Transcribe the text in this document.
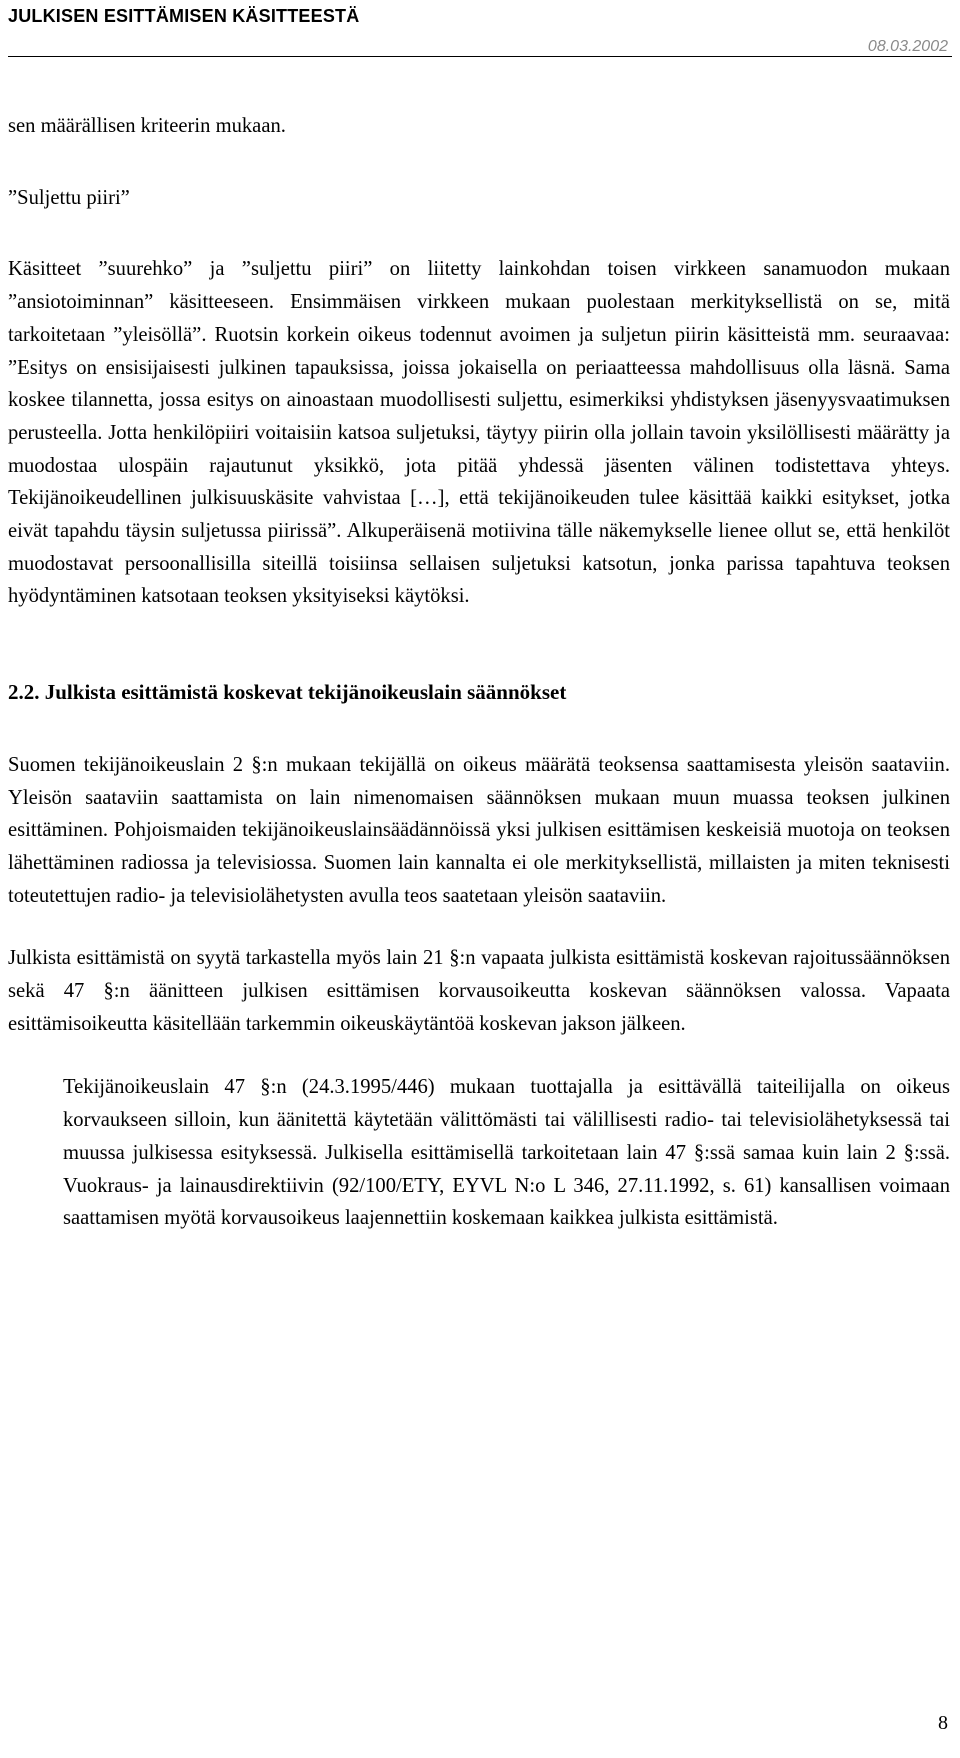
JULKISEN ESITTÄMISEN KÄSITTEESTÄ
08.03.2002

sen määrällisen kriteerin mukaan.

”Suljettu piiri”

Käsitteet ”suurehko” ja ”suljettu piiri” on liitetty lainkohdan toisen virkkeen sanamuodon mukaan ”ansiotoiminnan” käsitteeseen. Ensimmäisen virkkeen mukaan puolestaan merkityksellistä on se, mitä tarkoitetaan ”yleisöllä”. Ruotsin korkein oikeus todennut avoimen ja suljetun piirin käsitteistä mm. seuraavaa: ”Esitys on ensisijaisesti julkinen tapauksissa, joissa jokaisella on periaatteessa mahdollisuus olla läsnä. Sama koskee tilannetta, jossa esitys on ainoastaan muodollisesti suljettu, esimerkiksi yhdistyksen jäsenyysvaatimuksen perusteella. Jotta henkilöpiiri voitaisiin katsoa suljetuksi, täytyy piirin olla jollain tavoin yksilöllisesti määrätty ja muodostaa ulospäin rajautunut yksikkö, jota pitää yhdessä jäsenten välinen todistettava yhteys. Tekijänoikeudellinen julkisuuskäsite vahvistaa […], että tekijänoikeuden tulee käsittää kaikki esitykset, jotka eivät tapahdu täysin suljetussa piirissä”. Alkuperäisenä motiivina tälle näkemykselle lienee ollut se, että henkilöt muodostavat persoonallisilla siteillä toisiinsa sellaisen suljetuksi katsotun, jonka parissa tapahtuva teoksen hyödyntäminen katsotaan teoksen yksityiseksi käytöksi.

2.2. Julkista esittämistä koskevat tekijänoikeuslain säännökset

Suomen tekijänoikeuslain 2 §:n mukaan tekijällä on oikeus määrätä teoksensa saattamisesta yleisön saataviin. Yleisön saataviin saattamista on lain nimenomaisen säännöksen mukaan muun muassa teoksen julkinen esittäminen. Pohjoismaiden tekijänoikeuslainsäädännöissä yksi julkisen esittämisen keskeisiä muotoja on teoksen lähettäminen radiossa ja televisiossa. Suomen lain kannalta ei ole merkityksellistä, millaisten ja miten teknisesti toteutettujen radio- ja televisiolähetysten avulla teos saatetaan yleisön saataviin.

Julkista esittämistä on syytä tarkastella myös lain 21 §:n vapaata julkista esittämistä koskevan rajoitussäännöksen sekä 47 §:n äänitteen julkisen esittämisen korvausoikeutta koskevan säännöksen valossa. Vapaata esittämisoikeutta käsitellään tarkemmin oikeuskäytäntöä koskevan jakson jälkeen.

Tekijänoikeuslain 47 §:n (24.3.1995/446) mukaan tuottajalla ja esittävällä taiteilijalla on oikeus korvaukseen silloin, kun äänitettä käytetään välittömästi tai välillisesti radio- tai televisiolähetyksessä tai muussa julkisessa esityksessä. Julkisella esittämisellä tarkoitetaan lain 47 §:ssä samaa kuin lain 2 §:ssä. Vuokraus- ja lainausdirektiivin (92/100/ETY, EYVL N:o L 346, 27.11.1992, s. 61) kansallisen voimaan saattamisen myötä korvausoikeus laajennettiin koskemaan kaikkea julkista esittämistä.

8
